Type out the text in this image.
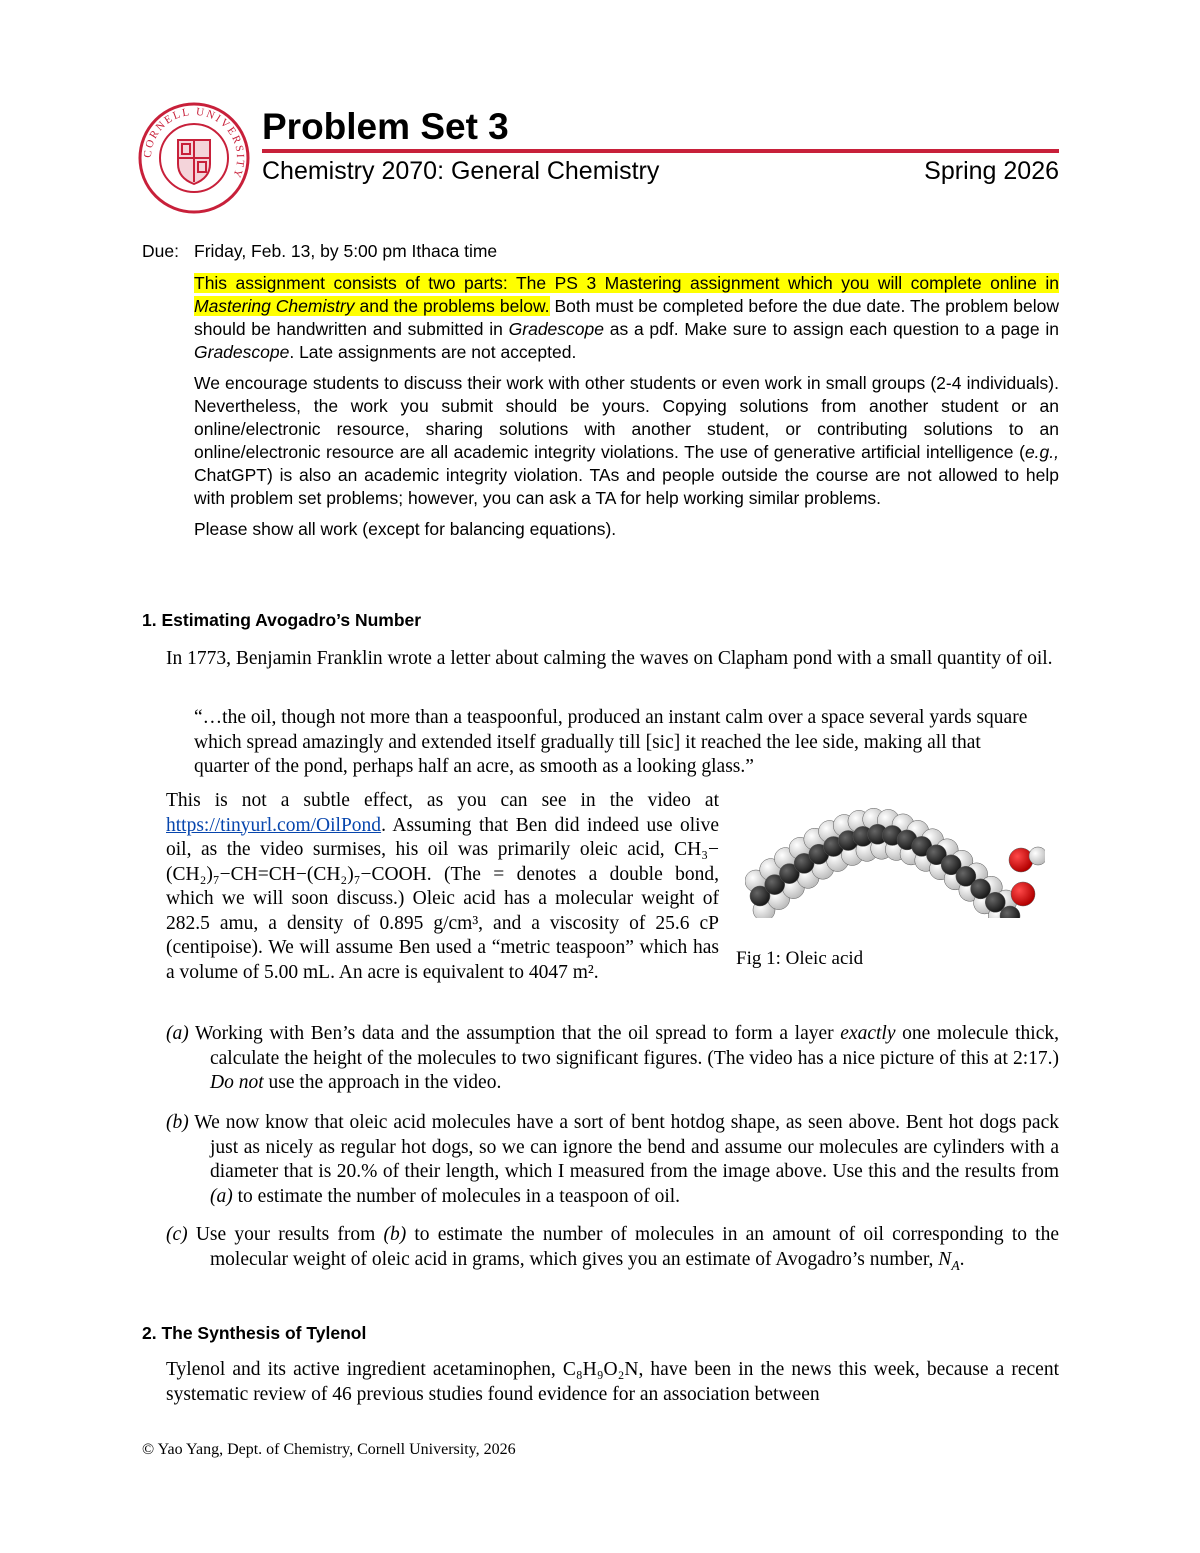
CORNELL UNIVERSITY
Problem Set 3
Chemistry 2070: General Chemistry	Spring 2026
Due: Friday, Feb. 13, by 5:00 pm Ithaca time

This assignment consists of two parts: The PS 3 Mastering assignment which you will complete online in Mastering Chemistry and the problems below. Both must be completed before the due date. The problem below should be handwritten and submitted in Gradescope as a pdf. Make sure to assign each question to a page in Gradescope. Late assignments are not accepted.

We encourage students to discuss their work with other students or even work in small groups (2-4 individuals). Nevertheless, the work you submit should be yours. Copying solutions from another student or an online/electronic resource, sharing solutions with another student, or contributing solutions to an online/electronic resource are all academic integrity violations. The use of generative artificial intelligence (e.g., ChatGPT) is also an academic integrity violation. TAs and people outside the course are not allowed to help with problem set problems; however, you can ask a TA for help working similar problems.

Please show all work (except for balancing equations).

1. Estimating Avogadro’s Number
In 1773, Benjamin Franklin wrote a letter about calming the waves on Clapham pond with a small quantity of oil.
“…the oil, though not more than a teaspoonful, produced an instant calm over a space several yards square which spread amazingly and extended itself gradually till [sic] it reached the lee side, making all that quarter of the pond, perhaps half an acre, as smooth as a looking glass.”
This is not a subtle effect, as you can see in the video at https://tinyurl.com/OilPond. Assuming that Ben did indeed use olive oil, as the video surmises, his oil was primarily oleic acid, CH₃−(CH₂)₇−CH=CH−(CH₂)₇−COOH. (The = denotes a double bond, which we will soon discuss.) Oleic acid has a molecular weight of 282.5 amu, a density of 0.895 g/cm³, and a viscosity of 25.6 cP (centipoise). We will assume Ben used a “metric teaspoon” which has a volume of 5.00 mL. An acre is equivalent to 4047 m².
Fig 1: Oleic acid

(a) Working with Ben’s data and the assumption that the oil spread to form a layer exactly one molecule thick, calculate the height of the molecules to two significant figures. (The video has a nice picture of this at 2:17.) Do not use the approach in the video.

(b) We now know that oleic acid molecules have a sort of bent hotdog shape, as seen above. Bent hot dogs pack just as nicely as regular hot dogs, so we can ignore the bend and assume our molecules are cylinders with a diameter that is 20.% of their length, which I measured from the image above. Use this and the results from (a) to estimate the number of molecules in a teaspoon of oil.

(c) Use your results from (b) to estimate the number of molecules in an amount of oil corresponding to the molecular weight of oleic acid in grams, which gives you an estimate of Avogadro’s number, $N_A$.

2. The Synthesis of Tylenol
Tylenol and its active ingredient acetaminophen, C₈H₉O₂N, have been in the news this week, because a recent systematic review of 46 previous studies found evidence for an association between
© Yao Yang, Dept. of Chemistry, Cornell University, 2026
